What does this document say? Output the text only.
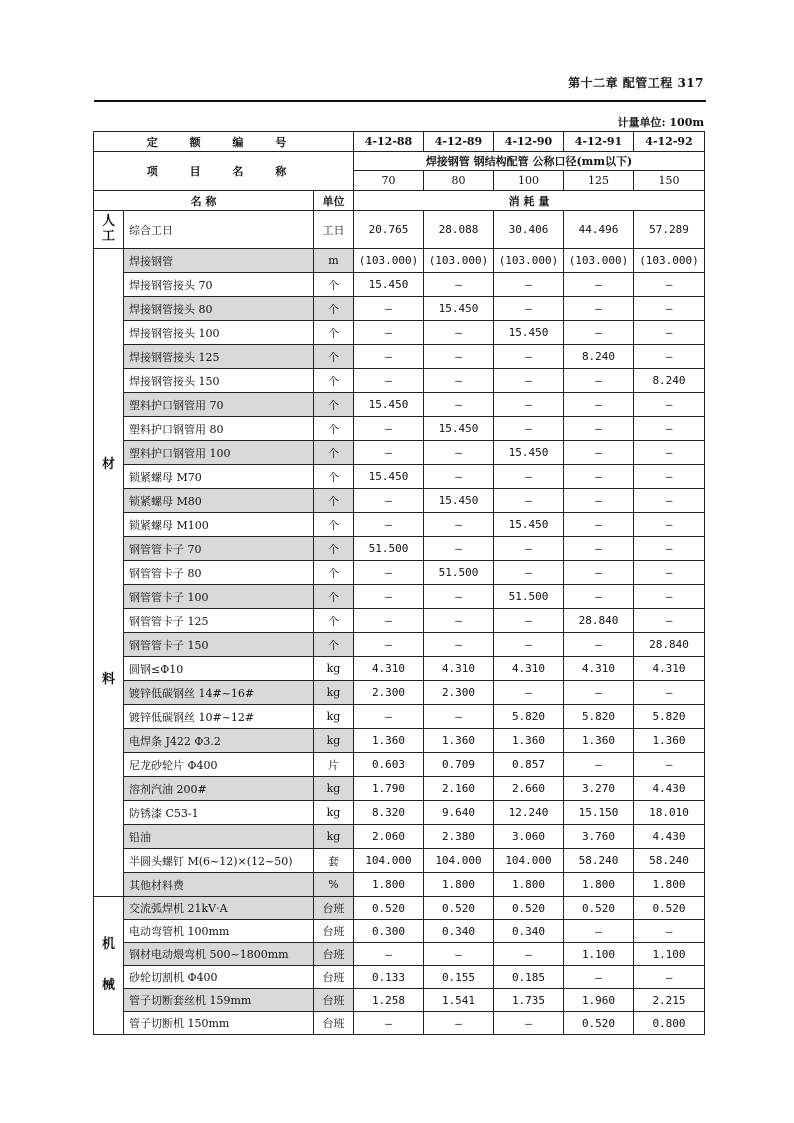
第十二章 配管工程 317
计量单位: 100m
定 额 编 号			4-12-88	4-12-89	4-12-90	4-12-91	4-12-92
项 目 名 称			焊接钢管 钢结构配管 公称口径(mm以下)				
			70	80	100	125	150
名 称		单位	消 耗 量				

人
工	综合工日	工日	20.765	28.088	30.406	44.496	57.289

材
料	焊接钢管	m	(103.000)	(103.000)	(103.000)	(103.000)	(103.000)
	焊接钢管接头 70	个	15.450	—	—	—	—
	焊接钢管接头 80	个	—	15.450	—	—	—
	焊接钢管接头 100	个	—	—	15.450	—	—
	焊接钢管接头 125	个	—	—	—	8.240	—
	焊接钢管接头 150	个	—	—	—	—	8.240
	塑料护口钢管用 70	个	15.450	—	—	—	—
	塑料护口钢管用 80	个	—	15.450	—	—	—
	塑料护口钢管用 100	个	—	—	15.450	—	—
	锁紧螺母 M70	个	15.450	—	—	—	—
	锁紧螺母 M80	个	—	15.450	—	—	—
	锁紧螺母 M100	个	—	—	15.450	—	—
	钢管管卡子 70	个	51.500	—	—	—	—
	钢管管卡子 80	个	—	51.500	—	—	—
	钢管管卡子 100	个	—	—	51.500	—	—
	钢管管卡子 125	个	—	—	—	28.840	—
	钢管管卡子 150	个	—	—	—	—	28.840
	圆钢≤Φ10	kg	4.310	4.310	4.310	4.310	4.310
	镀锌低碳钢丝 14#~16#	kg	2.300	2.300	—	—	—
	镀锌低碳钢丝 10#~12#	kg	—	—	5.820	5.820	5.820
	电焊条 J422 Φ3.2	kg	1.360	1.360	1.360	1.360	1.360
	尼龙砂轮片 Φ400	片	0.603	0.709	0.857	—	—
	溶剂汽油 200#	kg	1.790	2.160	2.660	3.270	4.430
	防锈漆 C53-1	kg	8.320	9.640	12.240	15.150	18.010
	铅油	kg	2.060	2.380	3.060	3.760	4.430
	半圆头螺钉 M(6~12)×(12~50)	套	104.000	104.000	104.000	58.240	58.240
	其他材料费	%	1.800	1.800	1.800	1.800	1.800

机
械	交流弧焊机 21kV·A	台班	0.520	0.520	0.520	0.520	0.520
	电动弯管机 100mm	台班	0.300	0.340	0.340	—	—
	钢材电动煨弯机 500~1800mm	台班	—	—	—	1.100	1.100
	砂轮切割机 Φ400	台班	0.133	0.155	0.185	—	—
	管子切断套丝机 159mm	台班	1.258	1.541	1.735	1.960	2.215
	管子切断机 150mm	台班	—	—	—	0.520	0.800
